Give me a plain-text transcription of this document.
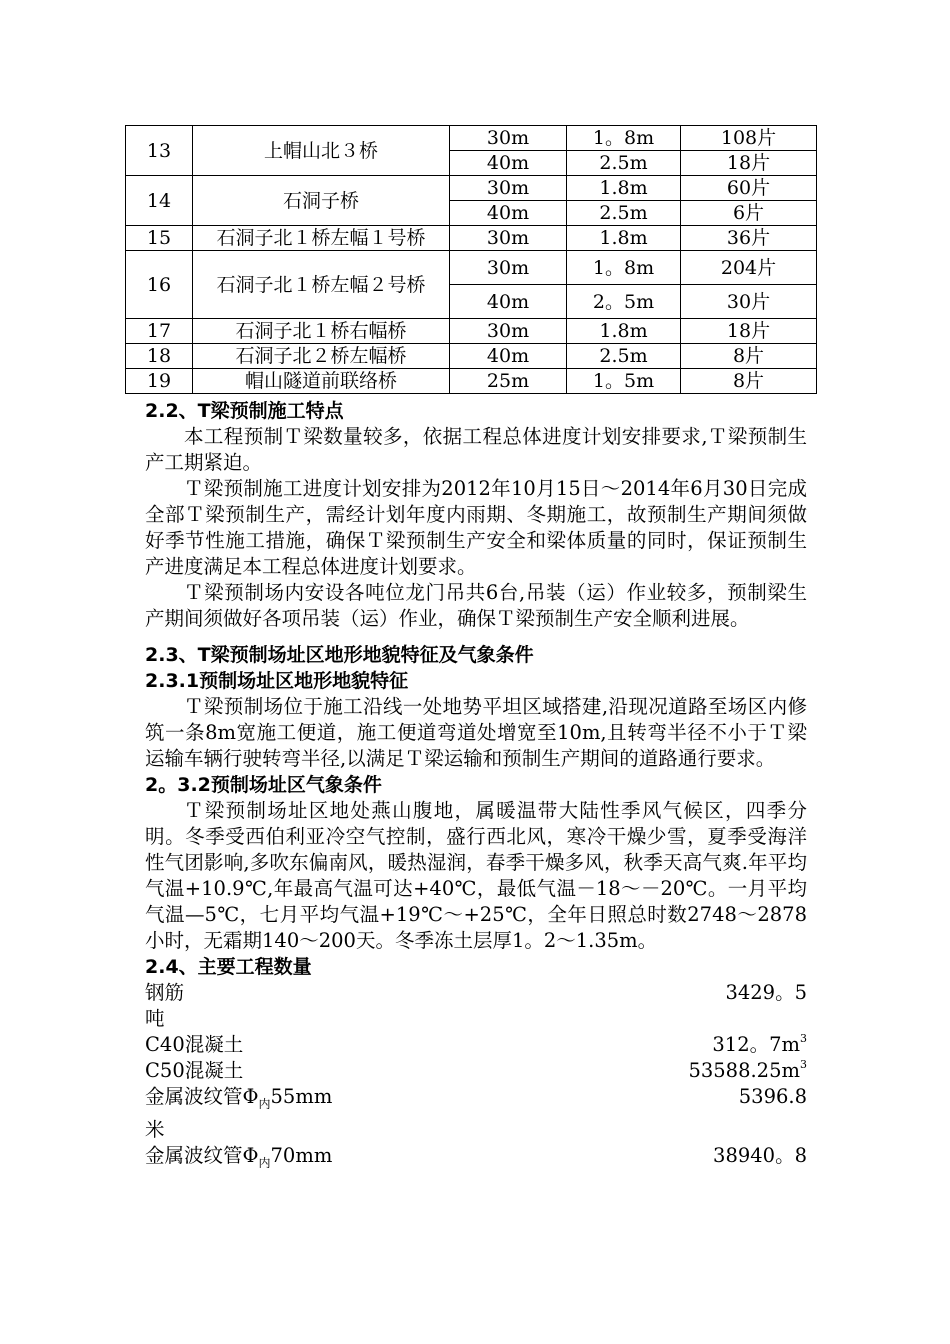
13	上帽山北３桥	30m	1。8m	108片
		40m	2.5m	18片
14	石洞子桥	30m	1.8m	60片
		40m	2.5m	6片
15	石洞子北１桥左幅１号桥	30m	1.8m	36片
16	石洞子北１桥左幅２号桥	30m	1。8m	204片
		40m	2。5m	30片
17	石洞子北１桥右幅桥	30m	1.8m	18片
18	石洞子北２桥左幅桥	40m	2.5m	8片
19	帽山隧道前联络桥	25m	1。5m	8片
2.2、T梁预制施工特点

本工程预制Ｔ梁数量较多，依据工程总体进度计划安排要求,Ｔ梁预制生产工期紧迫。

Ｔ梁预制施工进度计划安排为2012年10月15日～2014年6月30日完成全部Ｔ梁预制生产，需经计划年度内雨期、冬期施工，故预制生产期间须做好季节性施工措施，确保Ｔ梁预制生产安全和梁体质量的同时，保证预制生产进度满足本工程总体进度计划要求。

Ｔ梁预制场内安设各吨位龙门吊共6台,吊装（运）作业较多，预制梁生产期间须做好各项吊装（运）作业，确保Ｔ梁预制生产安全顺利进展。

2.3、T梁预制场址区地形地貌特征及气象条件
2.3.1预制场址区地形地貌特征

Ｔ梁预制场位于施工沿线一处地势平坦区域搭建,沿现况道路至场区内修筑一条8m宽施工便道，施工便道弯道处增宽至10m,且转弯半径不小于Ｔ梁运输车辆行驶转弯半径,以满足Ｔ梁运输和预制生产期间的道路通行要求。

2。3.2预制场址区气象条件

Ｔ梁预制场址区地处燕山腹地，属暖温带大陆性季风气候区，四季分明。冬季受西伯利亚冷空气控制，盛行西北风，寒冷干燥少雪，夏季受海洋性气团影响,多吹东偏南风，暖热湿润，春季干燥多风，秋季天高气爽.年平均气温+10.9℃,年最高气温可达+40℃，最低气温－18～－20℃。一月平均气温—5℃，七月平均气温+19℃～+25℃，全年日照总时数2748～2878小时，无霜期140～200天。冬季冻土层厚1。2～1.35m。

2.4、主要工程数量
钢筋	3429。5
吨
C40混凝土	312。$7m^3$
C50混凝土	$53588.25m^3$
金属波纹管$\Phi_内55mm$	5396.8
米
金属波纹管$\Phi_内70mm$	38940。8
